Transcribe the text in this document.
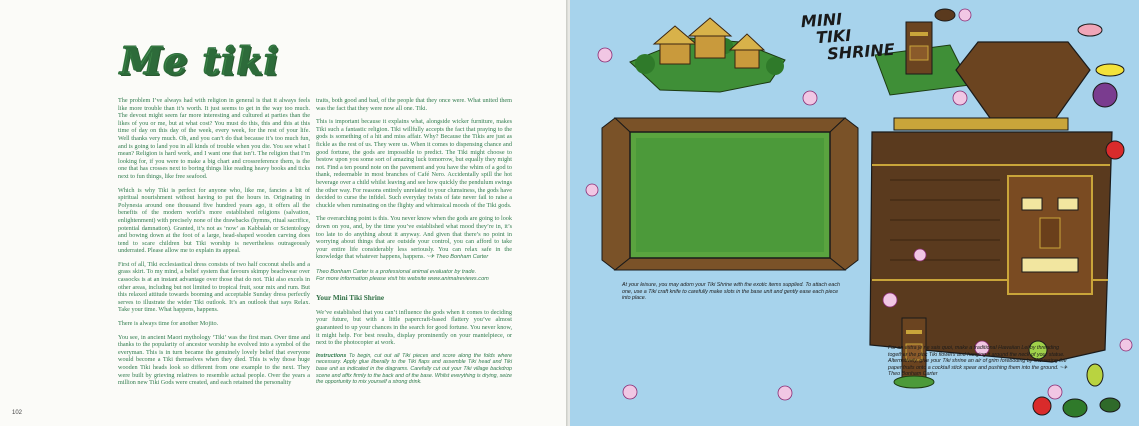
Me tiki

The problem I’ve always had with religion in general is that it always feels like more trouble than it’s worth. It just seems to get in the way too much. The devout might seem far more interesting and cultured at parties than the likes of you or me, but at what cost? You must do this, this and this at this time of day on this day of the week, every week, for the rest of your life. Well thanks very much. Oh, and you can’t do that because it’s too much fun, and is going to land you in all kinds of trouble when you die. You see what I mean? Religion is hard work, and I want one that isn’t. The religion that I’m looking for, if you were to make a big chart and crossreference them, is the one that has crosses next to boring things like reading heavy books and ticks next to fun things, like free seafood.

Which is why Tiki is perfect for anyone who, like me, fancies a bit of spiritual nourishment without having to put the hours in. Originating in Polynesia around one thousand five hundred years ago, it offers all the benefits of the modern world’s more established religions (salvation, enlightenment) with precisely none of the drawbacks (hymns, ritual sacrifice, potential damnation). Granted, it’s not as ‘now’ as Kabbalah or Scientology and bowing down at the foot of a large, head-shaped wooden carving does tend to scare children but Tiki worship is nevertheless outrageously underrated. Please allow me to explain its appeal.

First of all, Tiki ecclesiastical dress consists of two half coconut shells and a grass skirt. To my mind, a belief system that favours skimpy beachwear over cassocks is at an instant advantage over those that do not. Tiki also excels in other areas, including but not limited to tropical fruit, sour mix and rum. But this relaxed attitude towards booming and acceptable Sunday dress perfectly serves to illustrate the wider Tiki outlook. It’s an outlook that says Relax. Take your time. What happens, happens.

There is always time for another Mojito.

You see, in ancient Maori mythology ‘Tiki’ was the first man. Over time and thanks to the popularity of ancestor worship he evolved into a symbol of the everyman. This is in turn became the genuinely lovely belief that everyone would become a Tiki themselves when they died. This is why those huge wooden Tiki heads look so different from one example to the next. They were built by grieving relatives to resemble actual people. Over the years a million new Tiki Gods were created, and each retained the personality

traits, both good and bad, of the people that they once were. What united them was the fact that they were now all one. Tiki.

This is important because it explains what, alongside wicker furniture, makes Tiki such a fantastic religion. Tiki willfully accepts the fact that praying to the gods is something of a hit and miss affair. Why? Because the Tikis are just as fickle as the rest of us. They were us. When it comes to dispensing chance and good fortune, the gods are impossible to predict. The Tiki might choose to bestow upon you some sort of amazing luck tomorrow, but equally they might not. Find a ten pound note on the pavement and you have the whim of a god to thank, redeemable in most branches of Café Nero. Accidentally spill the hot beverage over a child whilst leaving and see how quickly the pendulum swings the other way. For reasons entirely unrelated to your clumsiness, the gods have decided to curse the infidel. Such everyday twists of fate never fail to raise a chuckle when ruminating on the flighty and whimsical moods of the Tiki gods.

The overarching point is this. You never know when the gods are going to look down on you, and, by the time you’ve established what mood they’re in, it’s too late to do anything about it anyway. And given that there’s no point in worrying about things that are outside your control, you can afford to take your entire life considerably less seriously. You can relax safe in the knowledge that whatever happens, happens. ~✈ Theo Bonham Carter

Theo Bonham Carter is a professional animal evaluator by trade.
For more information please visit his website www.animalreviews.com

Your Mini Tiki Shrine

We’ve established that you can’t influence the gods when it comes to deciding your future, but with a little papercraft-based flattery you’ve almost guaranteed to up your chances in the search for good fortune. You never know, it might help. For best results, display prominently on your mantelpiece, or next to the photocopier at work.

Instructions To begin, cut out all Tiki pieces and score along the folds where necessary. Apply glue liberally to the Tiki flaps and assemble Tiki head and Tiki base unit as indicated in the diagrams. Carefully cut out your Tiki village backdrop scene and affix firmly to the back and of the base. Whilst everything is drying, seize the opportunity to mix yourself a strong drink.

102
MINI
TIKI
SHRINE
At your leisure, you may adorn your Tiki Shrine with the exotic items supplied. To attach each one, use a Tiki craft knife to carefully make slots in the base unit and gently ease each piece into place.
For an extra je ne sais quoi, make a traditional Hawaiian Lei by threading together the pink Tiki flowers and hanging it around the neck of your statue. Alternatively, give your Tiki shrine an air of grim foreboding by skewering the paper fruits onto a cocktail stick spear and pushing them into the ground. ~✈ Theo Bonham Carter
